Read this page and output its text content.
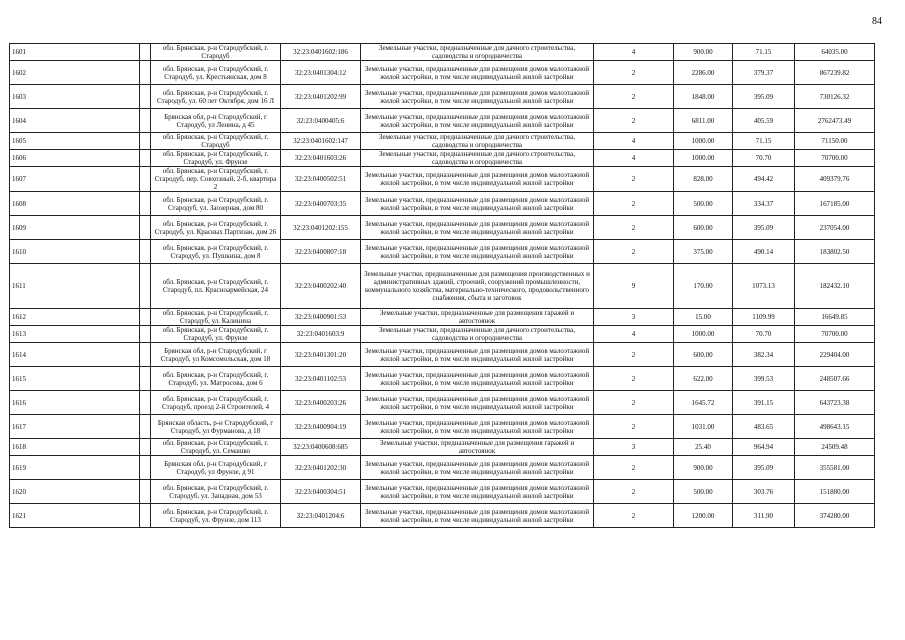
84
1601		обл. Брянская, р-н Стародубский, г. Стародуб	32:23:0401602:186	Земельные участки, предназначенные для дачного строительства, садоводства и огородничества	4	900.00	71.15	64035.00
1602		обл. Брянская, р-н Стародубский, г. Стародуб, ул. Крестьянская, дом 8	32:23:0401304:12	Земельные участки, предназначенные для размещения домов малоэтажной жилой застройки, в том числе индивидуальной жилой застройки	2	2286.00	379.37	867239.82
1603		обл. Брянская, р-н Стародубский, г. Стародуб, ул. 60 лет Октября, дом 16 Л	32:23:0401202:99	Земельные участки, предназначенные для размещения домов малоэтажной жилой застройки, в том числе индивидуальной жилой застройки	2	1848.00	395.09	730126.32
1604		Брянская обл, р-н Стародубский, г Стародуб, ул Ленина, д 45	32:23:0400405:6	Земельные участки, предназначенные для размещения домов малоэтажной жилой застройки, в том числе индивидуальной жилой застройки	2	6811.00	405.59	2762473.49
1605		обл. Брянская, р-н Стародубский, г. Стародуб	32:23:0401602:147	Земельные участки, предназначенные для дачного строительства, садоводства и огородничества	4	1000.00	71.15	71150.00
1606		обл. Брянская, р-н Стародубский, г. Стародуб, ул. Фрунзе	32:23:0401603:26	Земельные участки, предназначенные для дачного строительства, садоводства и огородничества	4	1000.00	70.70	70700.00
1607		обл. Брянская, р-н Стародубский, г. Стародуб, пер. Совхозный, 2-б, квартира 2	32:23:0400502:51	Земельные участки, предназначенные для размещения домов малоэтажной жилой застройки, в том числе индивидуальной жилой застройки	2	828.00	494.42	409379.76
1608		обл. Брянская, р-н Стародубский, г. Стародуб, ул. Заозерная, дом 80	32:23:0400703:35	Земельные участки, предназначенные для размещения домов малоэтажной жилой застройки, в том числе индивидуальной жилой застройки	2	500.00	334.37	167185.00
1609		обл. Брянская, р-н Стародубский, г. Стародуб, ул. Красных Партизан, дом 26	32:23:0401202:155	Земельные участки, предназначенные для размещения домов малоэтажной жилой застройки, в том числе индивидуальной жилой застройки	2	600.00	395.09	237054.00
1610		обл. Брянская, р-н Стародубский, г. Стародуб, ул. Пушкина, дом 8	32:23:0400807:18	Земельные участки, предназначенные для размещения домов малоэтажной жилой застройки, в том числе индивидуальной жилой застройки	2	375.00	490.14	183802.50
1611		обл. Брянская, р-н Стародубский, г. Стародуб, пл. Красноармейская, 24	32:23:0400202:40	Земельные участки, предназначенные для размещения производственных и административных зданий, строений, сооружений промышленности, коммунального хозяйства, материально-технического, продовольственного снабжения, сбыта и заготовок	9	170.00	1073.13	182432.10
1612		обл. Брянская, р-н Стародубский, г. Стародуб, ул. Калинина	32:23:0400901:53	Земельные участки, предназначенные для размещения гаражей и автостоянок	3	15.00	1109.99	16649.85
1613		обл. Брянская, р-н Стародубский, г. Стародуб, ул. Фрунзе	32:23:0401603:9	Земельные участки, предназначенные для дачного строительства, садоводства и огородничества	4	1000.00	70.70	70700.00
1614		Брянская обл, р-н Стародубский, г Стародуб, ул Комсомольская, дом 18	32:23:0401301:20	Земельные участки, предназначенные для размещения домов малоэтажной жилой застройки, в том числе индивидуальной жилой застройки	2	600.00	382.34	229404.00
1615		обл. Брянская, р-н Стародубский, г. Стародуб, ул. Матросова, дом 6	32:23:0401102:53	Земельные участки, предназначенные для размещения домов малоэтажной жилой застройки, в том числе индивидуальной жилой застройки	2	622.00	399.53	248507.66
1616		обл. Брянская, р-н Стародубский, г. Стародуб, проезд 2-й Строителей, 4	32:23:0400203:26	Земельные участки, предназначенные для размещения домов малоэтажной жилой застройки, в том числе индивидуальной жилой застройки	2	1645.72	391.15	643723.38
1617		Брянская область, р-н Стародубский, г Стародуб, ул Фурманова, д 18	32:23:0400904:19	Земельные участки, предназначенные для размещения домов малоэтажной жилой застройки, в том числе индивидуальной жилой застройки	2	1031.00	483.65	498643.15
1618		обл. Брянская, р-н Стародубский, г. Стародуб, ул. Семашко	32:23:0400608:685	Земельные участки, предназначенные для размещения гаражей и автостоянок	3	25.40	964.94	24509.48
1619		Брянская обл, р-н Стародубский, г Стародуб, ул Фрунзе, д 91	32:23:0401202:30	Земельные участки, предназначенные для размещения домов малоэтажной жилой застройки, в том числе индивидуальной жилой застройки	2	900.00	395.09	355581.00
1620		обл. Брянская, р-н Стародубский, г. Стародуб, ул. Западная, дом 53	32:23:0400304:51	Земельные участки, предназначенные для размещения домов малоэтажной жилой застройки, в том числе индивидуальной жилой застройки	2	500.00	303.76	151880.00
1621		обл. Брянская, р-н Стародубский, г. Стародуб, ул. Фрунзе, дом 113	32:23:0401204:6	Земельные участки, предназначенные для размещения домов малоэтажной жилой застройки, в том числе индивидуальной жилой застройки	2	1200.00	311.90	374280.00
